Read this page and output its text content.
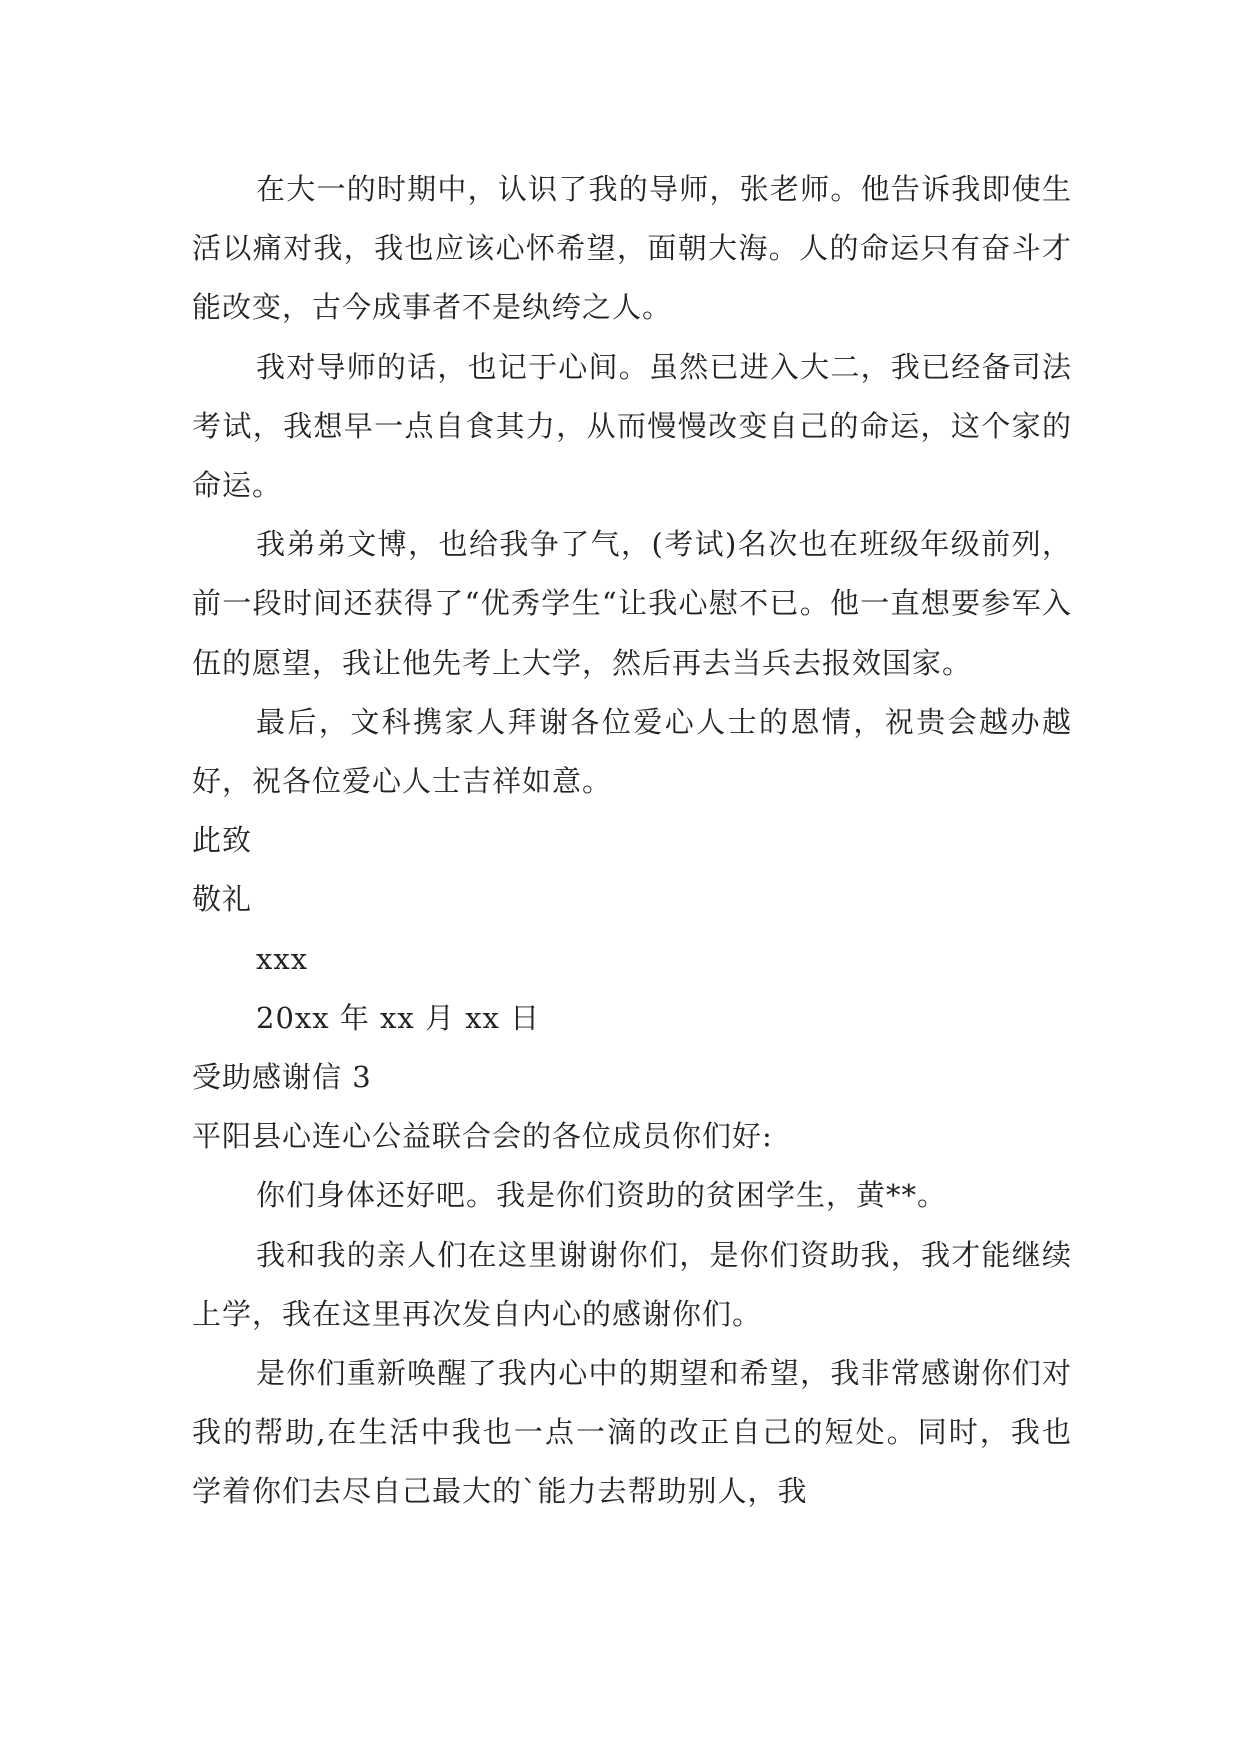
在大一的时期中，认识了我的导师，张老师。他告诉我即使生活以痛对我，我也应该心怀希望，面朝大海。人的命运只有奋斗才能改变，古今成事者不是纨绔之人。

我对导师的话，也记于心间。虽然已进入大二，我已经备司法考试，我想早一点自食其力，从而慢慢改变自己的命运，这个家的命运。

我弟弟文博，也给我争了气，(考试)名次也在班级年级前列，前一段时间还获得了“优秀学生“让我心慰不已。他一直想要参军入伍的愿望，我让他先考上大学，然后再去当兵去报效国家。

最后，文科携家人拜谢各位爱心人士的恩情，祝贵会越办越好，祝各位爱心人士吉祥如意。

此致
敬礼
xxx
20xx 年 xx 月 xx 日
受助感谢信 3
平阳县心连心公益联合会的各位成员你们好:

你们身体还好吧。我是你们资助的贫困学生，黄**。

我和我的亲人们在这里谢谢你们，是你们资助我，我才能继续上学，我在这里再次发自内心的感谢你们。

是你们重新唤醒了我内心中的期望和希望，我非常感谢你们对我的帮助,在生活中我也一点一滴的改正自己的短处。同时，我也学着你们去尽自己最大的`能力去帮助别人，我
